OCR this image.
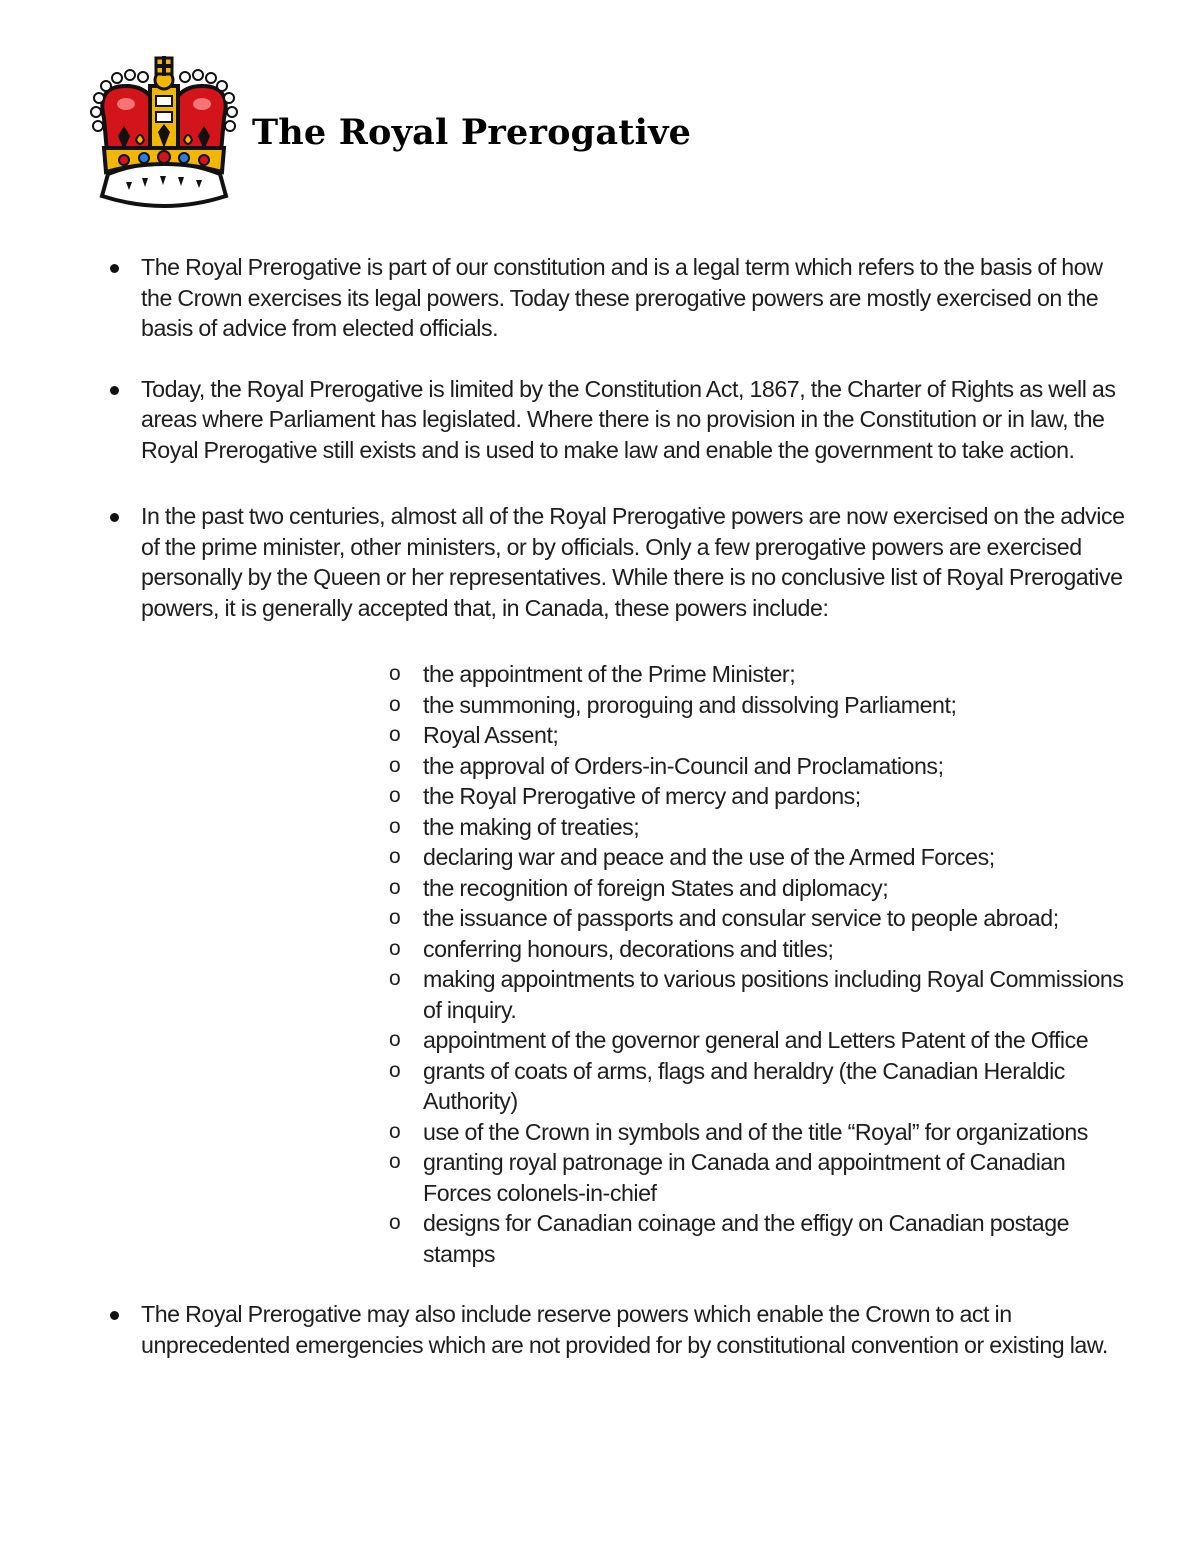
The Royal Prerogative
The Royal Prerogative is part of our constitution and is a legal term which refers to the basis of how the Crown exercises its legal powers. Today these prerogative powers are mostly exercised on the basis of advice from elected officials.
Today, the Royal Prerogative is limited by the Constitution Act, 1867, the Charter of Rights as well as areas where Parliament has legislated. Where there is no provision in the Constitution or in law, the Royal Prerogative still exists and is used to make law and enable the government to take action.
In the past two centuries, almost all of the Royal Prerogative powers are now exercised on the advice of the prime minister, other ministers, or by officials. Only a few prerogative powers are exercised personally by the Queen or her representatives. While there is no conclusive list of Royal Prerogative powers, it is generally accepted that, in Canada, these powers include:
o the appointment of the Prime Minister;
o the summoning, proroguing and dissolving Parliament;
o Royal Assent;
o the approval of Orders-in-Council and Proclamations;
o the Royal Prerogative of mercy and pardons;
o the making of treaties;
o declaring war and peace and the use of the Armed Forces;
o the recognition of foreign States and diplomacy;
o the issuance of passports and consular service to people abroad;
o conferring honours, decorations and titles;
o making appointments to various positions including Royal Commissions of inquiry.
o appointment of the governor general and Letters Patent of the Office
o grants of coats of arms, flags and heraldry (the Canadian Heraldic Authority)
o use of the Crown in symbols and of the title “Royal” for organizations
o granting royal patronage in Canada and appointment of Canadian Forces colonels-in-chief
o designs for Canadian coinage and the effigy on Canadian postage stamps
The Royal Prerogative may also include reserve powers which enable the Crown to act in unprecedented emergencies which are not provided for by constitutional convention or existing law.
